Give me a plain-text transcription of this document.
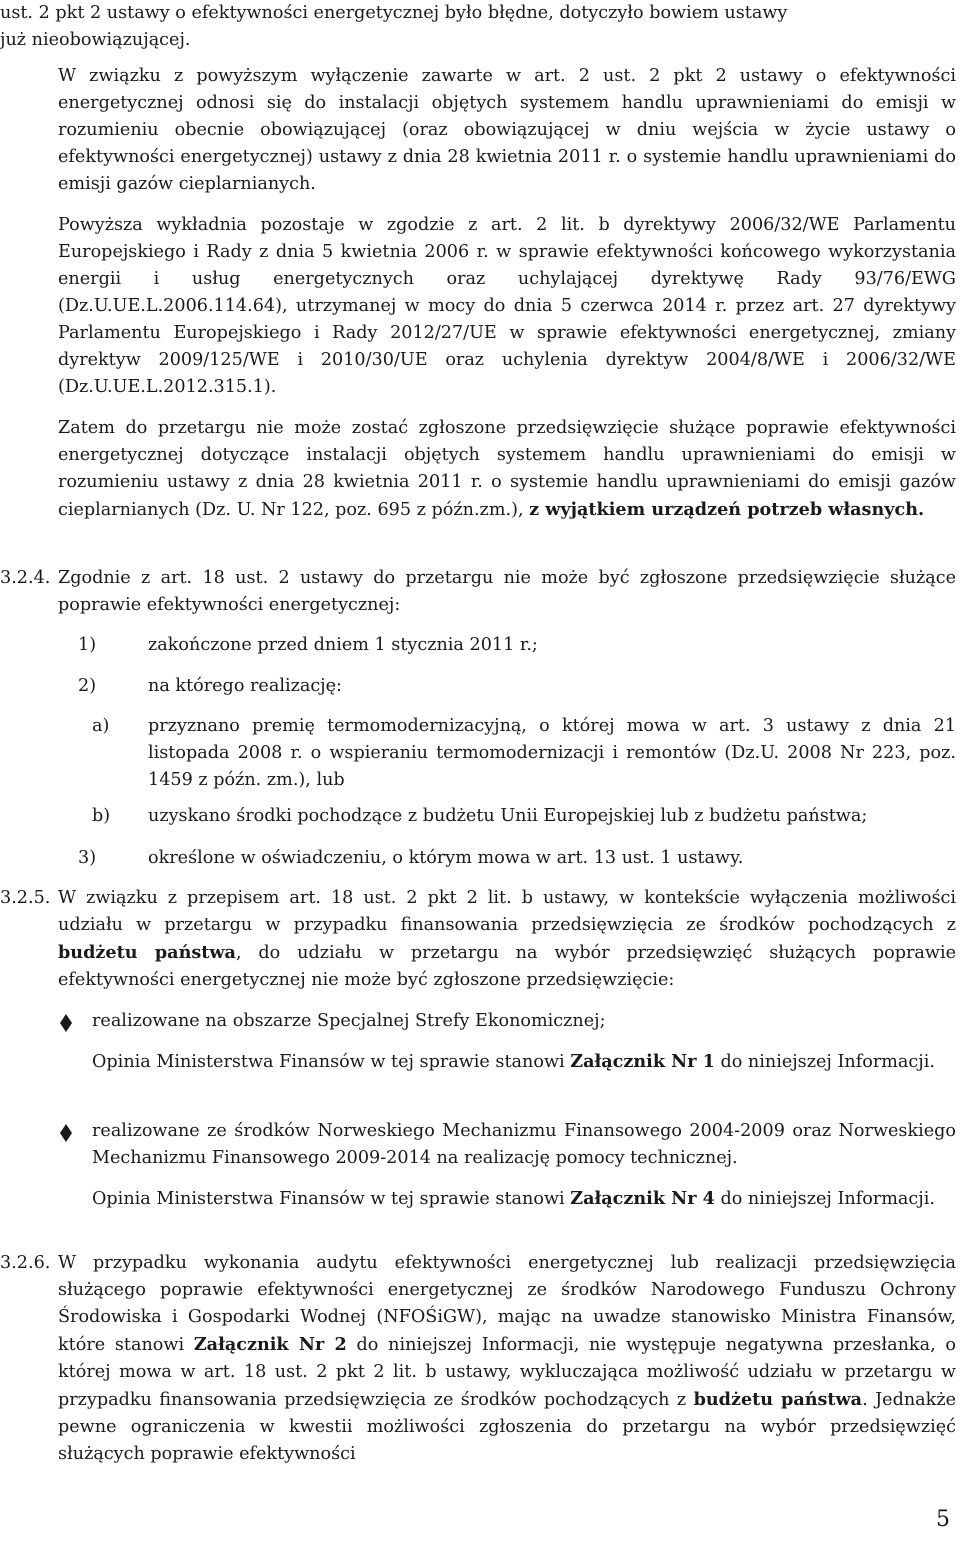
ust. 2 pkt 2 ustawy o efektywności energetycznej było błędne, dotyczyło bowiem ustawy

już nieobowiązującej.

W związku z powyższym wyłączenie zawarte w art. 2 ust. 2 pkt 2 ustawy o efektywności energetycznej odnosi się do instalacji objętych systemem handlu uprawnieniami do emisji w rozumieniu obecnie obowiązującej (oraz obowiązującej w dniu wejścia w życie ustawy o efektywności energetycznej) ustawy z dnia 28 kwietnia 2011 r. o systemie handlu uprawnieniami do emisji gazów cieplarnianych.

Powyższa wykładnia pozostaje w zgodzie z art. 2 lit. b dyrektywy 2006/32/WE Parlamentu Europejskiego i Rady z dnia 5 kwietnia 2006 r. w sprawie efektywności końcowego wykorzystania energii i usług energetycznych oraz uchylającej dyrektywę Rady 93/76/EWG (Dz.U.UE.L.2006.114.64), utrzymanej w mocy do dnia 5 czerwca 2014 r. przez art. 27 dyrektywy Parlamentu Europejskiego i Rady 2012/27/UE w sprawie efektywności energetycznej, zmiany dyrektyw 2009/125/WE i 2010/30/UE oraz uchylenia dyrektyw 2004/8/WE i 2006/32/WE (Dz.U.UE.L.2012.315.1).

Zatem do przetargu nie może zostać zgłoszone przedsięwzięcie służące poprawie efektywności energetycznej dotyczące instalacji objętych systemem handlu uprawnieniami do emisji w rozumieniu ustawy z dnia 28 kwietnia 2011 r. o systemie handlu uprawnieniami do emisji gazów cieplarnianych (Dz. U. Nr 122, poz. 695 z późn.zm.), z wyjątkiem urządzeń potrzeb własnych.

3.2.4. Zgodnie z art. 18 ust. 2 ustawy do przetargu nie może być zgłoszone przedsięwzięcie służące poprawie efektywności energetycznej:

1)	zakończone przed dniem 1 stycznia 2011 r.;

2)	na którego realizację:

a) przyznano premię termomodernizacyjną, o której mowa w art. 3 ustawy z dnia 21 listopada 2008 r. o wspieraniu termomodernizacji i remontów (Dz.U. 2008 Nr 223, poz. 1459 z późn. zm.), lub

b) uzyskano środki pochodzące z budżetu Unii Europejskiej lub z budżetu państwa;

3)	określone w oświadczeniu, o którym mowa w art. 13 ust. 1 ustawy.

3.2.5. W związku z przepisem art. 18 ust. 2 pkt 2 lit. b ustawy, w kontekście wyłączenia możliwości udziału w przetargu w przypadku finansowania przedsięwzięcia ze środków pochodzących z budżetu państwa, do udziału w przetargu na wybór przedsięwzięć służących poprawie efektywności energetycznej nie może być zgłoszone przedsięwzięcie:

realizowane na obszarze Specjalnej Strefy Ekonomicznej;

Opinia Ministerstwa Finansów w tej sprawie stanowi Załącznik Nr 1 do niniejszej Informacji.

realizowane ze środków Norweskiego Mechanizmu Finansowego 2004-2009 oraz Norweskiego Mechanizmu Finansowego 2009-2014 na realizację pomocy technicznej.

Opinia Ministerstwa Finansów w tej sprawie stanowi Załącznik Nr 4 do niniejszej Informacji.

3.2.6. W przypadku wykonania audytu efektywności energetycznej lub realizacji przedsięwzięcia służącego poprawie efektywności energetycznej ze środków Narodowego Funduszu Ochrony Środowiska i Gospodarki Wodnej (NFOŚiGW), mając na uwadze stanowisko Ministra Finansów, które stanowi Załącznik Nr 2 do niniejszej Informacji, nie występuje negatywna przesłanka, o której mowa w art. 18 ust. 2 pkt 2 lit. b ustawy, wykluczająca możliwość udziału w przetargu w przypadku finansowania przedsięwzięcia ze środków pochodzących z budżetu państwa. Jednakże pewne ograniczenia w kwestii możliwości zgłoszenia do przetargu na wybór przedsięwzięć służących poprawie efektywności

5
